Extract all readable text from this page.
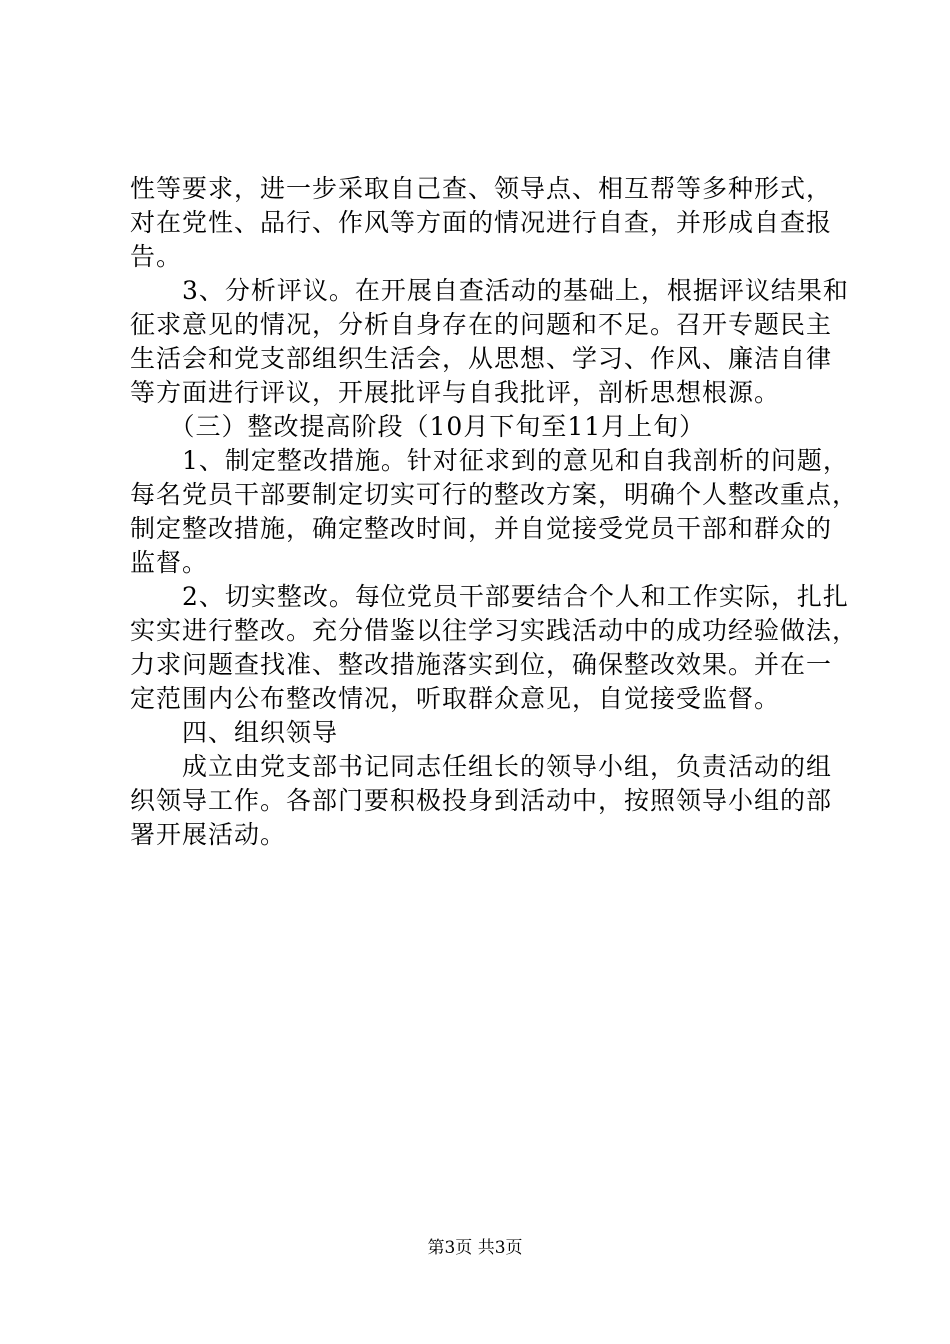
性等要求，进一步采取自己查、领导点、相互帮等多种形式，
对在党性、品行、作风等方面的情况进行自查，并形成自查报
告。
　　3、分析评议。在开展自查活动的基础上，根据评议结果和
征求意见的情况，分析自身存在的问题和不足。召开专题民主
生活会和党支部组织生活会，从思想、学习、作风、廉洁自律
等方面进行评议，开展批评与自我批评，剖析思想根源。
　　（三）整改提高阶段（10月下旬至11月上旬）
　　1、制定整改措施。针对征求到的意见和自我剖析的问题，
每名党员干部要制定切实可行的整改方案，明确个人整改重点，
制定整改措施，确定整改时间，并自觉接受党员干部和群众的
监督。
　　2、切实整改。每位党员干部要结合个人和工作实际，扎扎
实实进行整改。充分借鉴以往学习实践活动中的成功经验做法，
力求问题查找准、整改措施落实到位，确保整改效果。并在一
定范围内公布整改情况，听取群众意见，自觉接受监督。
　　四、组织领导
　　成立由党支部书记同志任组长的领导小组，负责活动的组
织领导工作。各部门要积极投身到活动中，按照领导小组的部
署开展活动。
第3页 共3页
